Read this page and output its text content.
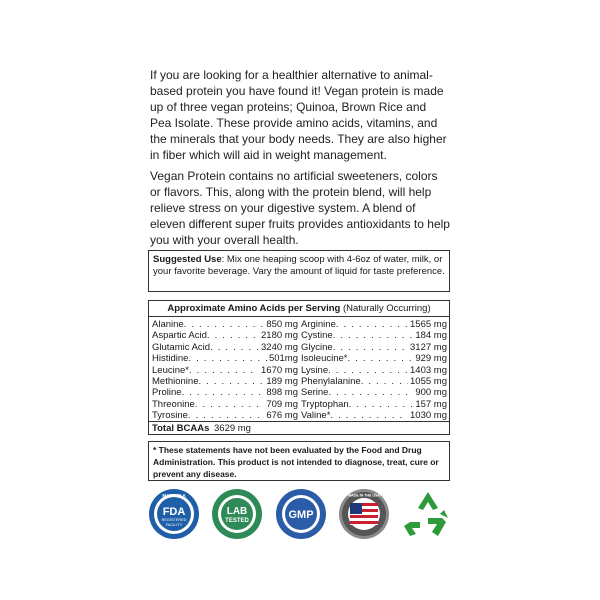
If you are looking for a healthier alternative to animal-based protein you have found it! Vegan protein is made up of three vegan proteins; Quinoa, Brown Rice and Pea Isolate. These provide amino acids, vitamins, and the minerals that your body needs. They are also higher in fiber which will aid in weight management.

Vegan Protein contains no artificial sweeteners, colors or flavors. This, along with the protein blend, will help relieve stress on your digestive system. A blend of eleven different super fruits provides antioxidants to help you with your overall health.

Suggested Use: Mix one heaping scoop with 4-6oz of water, milk, or your favorite beverage. Vary the amount of liquid for taste preference.
Approximate Amino Acids per Serving (Naturally Occurring)
Alanine . . .	850 mg
Aspartic Acid . . .	2180 mg
Glutamic Acid . . .	3240 mg
Histidine . . .	501mg
Leucine* . . .	1670 mg
Methionine . . .	189 mg
Proline . . .	898 mg
Threonine . . .	709 mg
Tyrosine . . .	676 mg
Arginine . . .	1565 mg
Cystine . . .	184 mg
Glycine . . .	3127 mg
Isoleucine* . . .	929 mg
Lysine . . .	1403 mg
Phenylalanine . . .	1055 mg
Serine . . .	900 mg
Tryptophan . . .	157 mg
Valine* . . .	1030 mg
Total BCAAs 3629 mg
* These statements have not been evaluated by the Food and Drug Administration. This product is not intended to diagnose, treat, cure or prevent any disease.
MADE IN A
FDA
REGISTERED
FACILITY
LAB
TESTED	GMP
MADE IN THE USA
